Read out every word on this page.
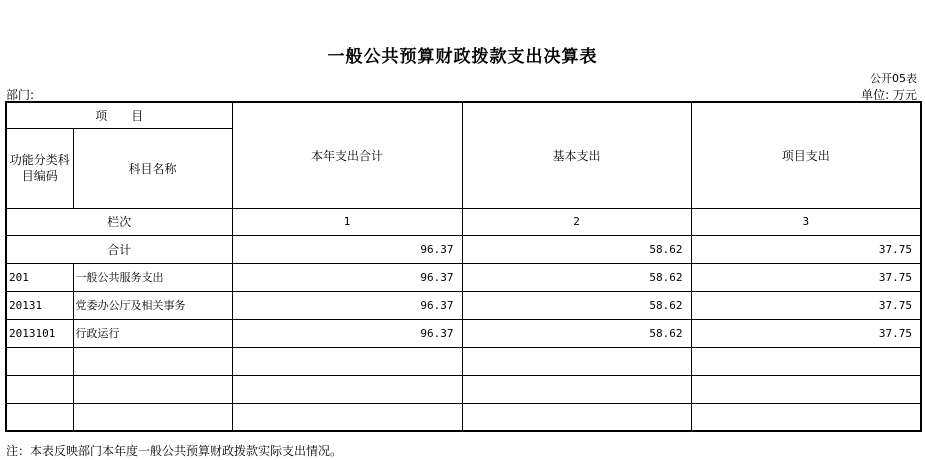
一般公共预算财政拨款支出决算表
公开05表
部门:	单位: 万元
项　　目		本年支出合计	基本支出	项目支出
功能分类科目编码	科目名称			
栏次		1	2	3
合计		96.37	58.62	37.75
201	一般公共服务支出	96.37	58.62	37.75
20131	党委办公厅及相关事务	96.37	58.62	37.75
2013101	行政运行	96.37	58.62	37.75

注：本表反映部门本年度一般公共预算财政拨款实际支出情况。
